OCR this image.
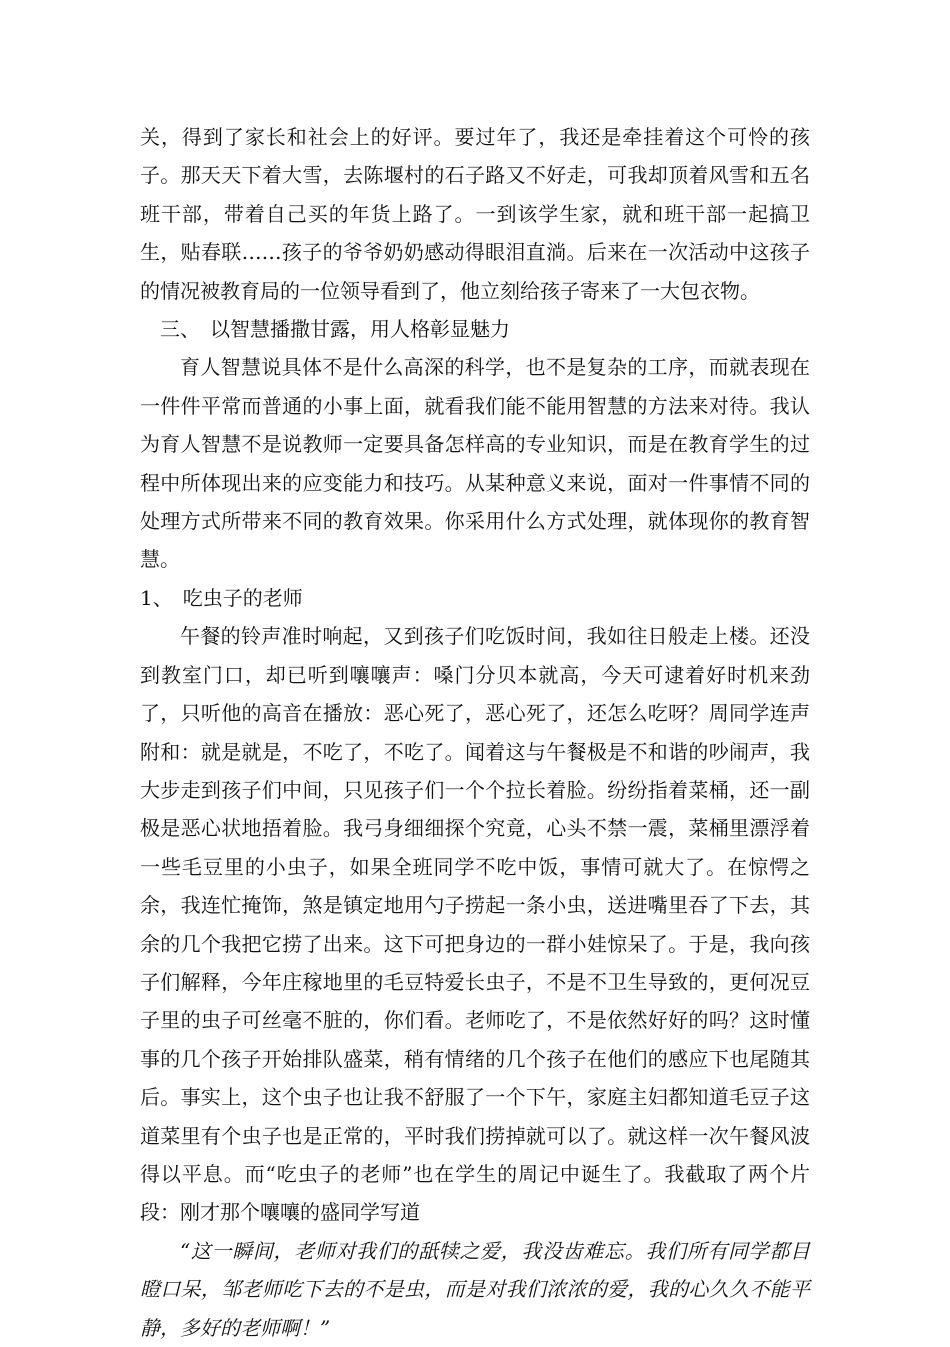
关，得到了家长和社会上的好评。要过年了，我还是牵挂着这个可怜的孩子。那天天下着大雪，去陈堰村的石子路又不好走，可我却顶着风雪和五名班干部，带着自己买的年货上路了。一到该学生家，就和班干部一起搞卫生，贴春联……孩子的爷爷奶奶感动得眼泪直淌。后来在一次活动中这孩子的情况被教育局的一位领导看到了，他立刻给孩子寄来了一大包衣物。

三、　以智慧播撒甘露，用人格彰显魅力

育人智慧说具体不是什么高深的科学，也不是复杂的工序，而就表现在一件件平常而普通的小事上面，就看我们能不能用智慧的方法来对待。我认为育人智慧不是说教师一定要具备怎样高的专业知识，而是在教育学生的过程中所体现出来的应变能力和技巧。从某种意义来说，面对一件事情不同的处理方式所带来不同的教育效果。你采用什么方式处理，就体现你的教育智慧。

1、　吃虫子的老师

午餐的铃声准时响起，又到孩子们吃饭时间，我如往日般走上楼。还没到教室门口，却已听到嚷嚷声：嗓门分贝本就高，今天可逮着好时机来劲了，只听他的高音在播放：恶心死了，恶心死了，还怎么吃呀？周同学连声附和：就是就是，不吃了，不吃了。闻着这与午餐极是不和谐的吵闹声，我大步走到孩子们中间，只见孩子们一个个拉长着脸。纷纷指着菜桶，还一副极是恶心状地捂着脸。我弓身细细探个究竟，心头不禁一震，菜桶里漂浮着一些毛豆里的小虫子，如果全班同学不吃中饭，事情可就大了。在惊愕之余，我连忙掩饰，煞是镇定地用勺子捞起一条小虫，送进嘴里吞了下去，其余的几个我把它捞了出来。这下可把身边的一群小娃惊呆了。于是，我向孩子们解释，今年庄稼地里的毛豆特爱长虫子，不是不卫生导致的，更何况豆子里的虫子可丝毫不脏的，你们看。老师吃了，不是依然好好的吗？这时懂事的几个孩子开始排队盛菜，稍有情绪的几个孩子在他们的感应下也尾随其后。事实上，这个虫子也让我不舒服了一个下午，家庭主妇都知道毛豆子这道菜里有个虫子也是正常的，平时我们捞掉就可以了。就这样一次午餐风波得以平息。而“吃虫子的老师”也在学生的周记中诞生了。我截取了两个片段：刚才那个嚷嚷的盛同学写道

“这一瞬间，老师对我们的舐犊之爱，我没齿难忘。我们所有同学都目瞪口呆，邹老师吃下去的不是虫，而是对我们浓浓的爱，我的心久久不能平静，多好的老师啊！”
